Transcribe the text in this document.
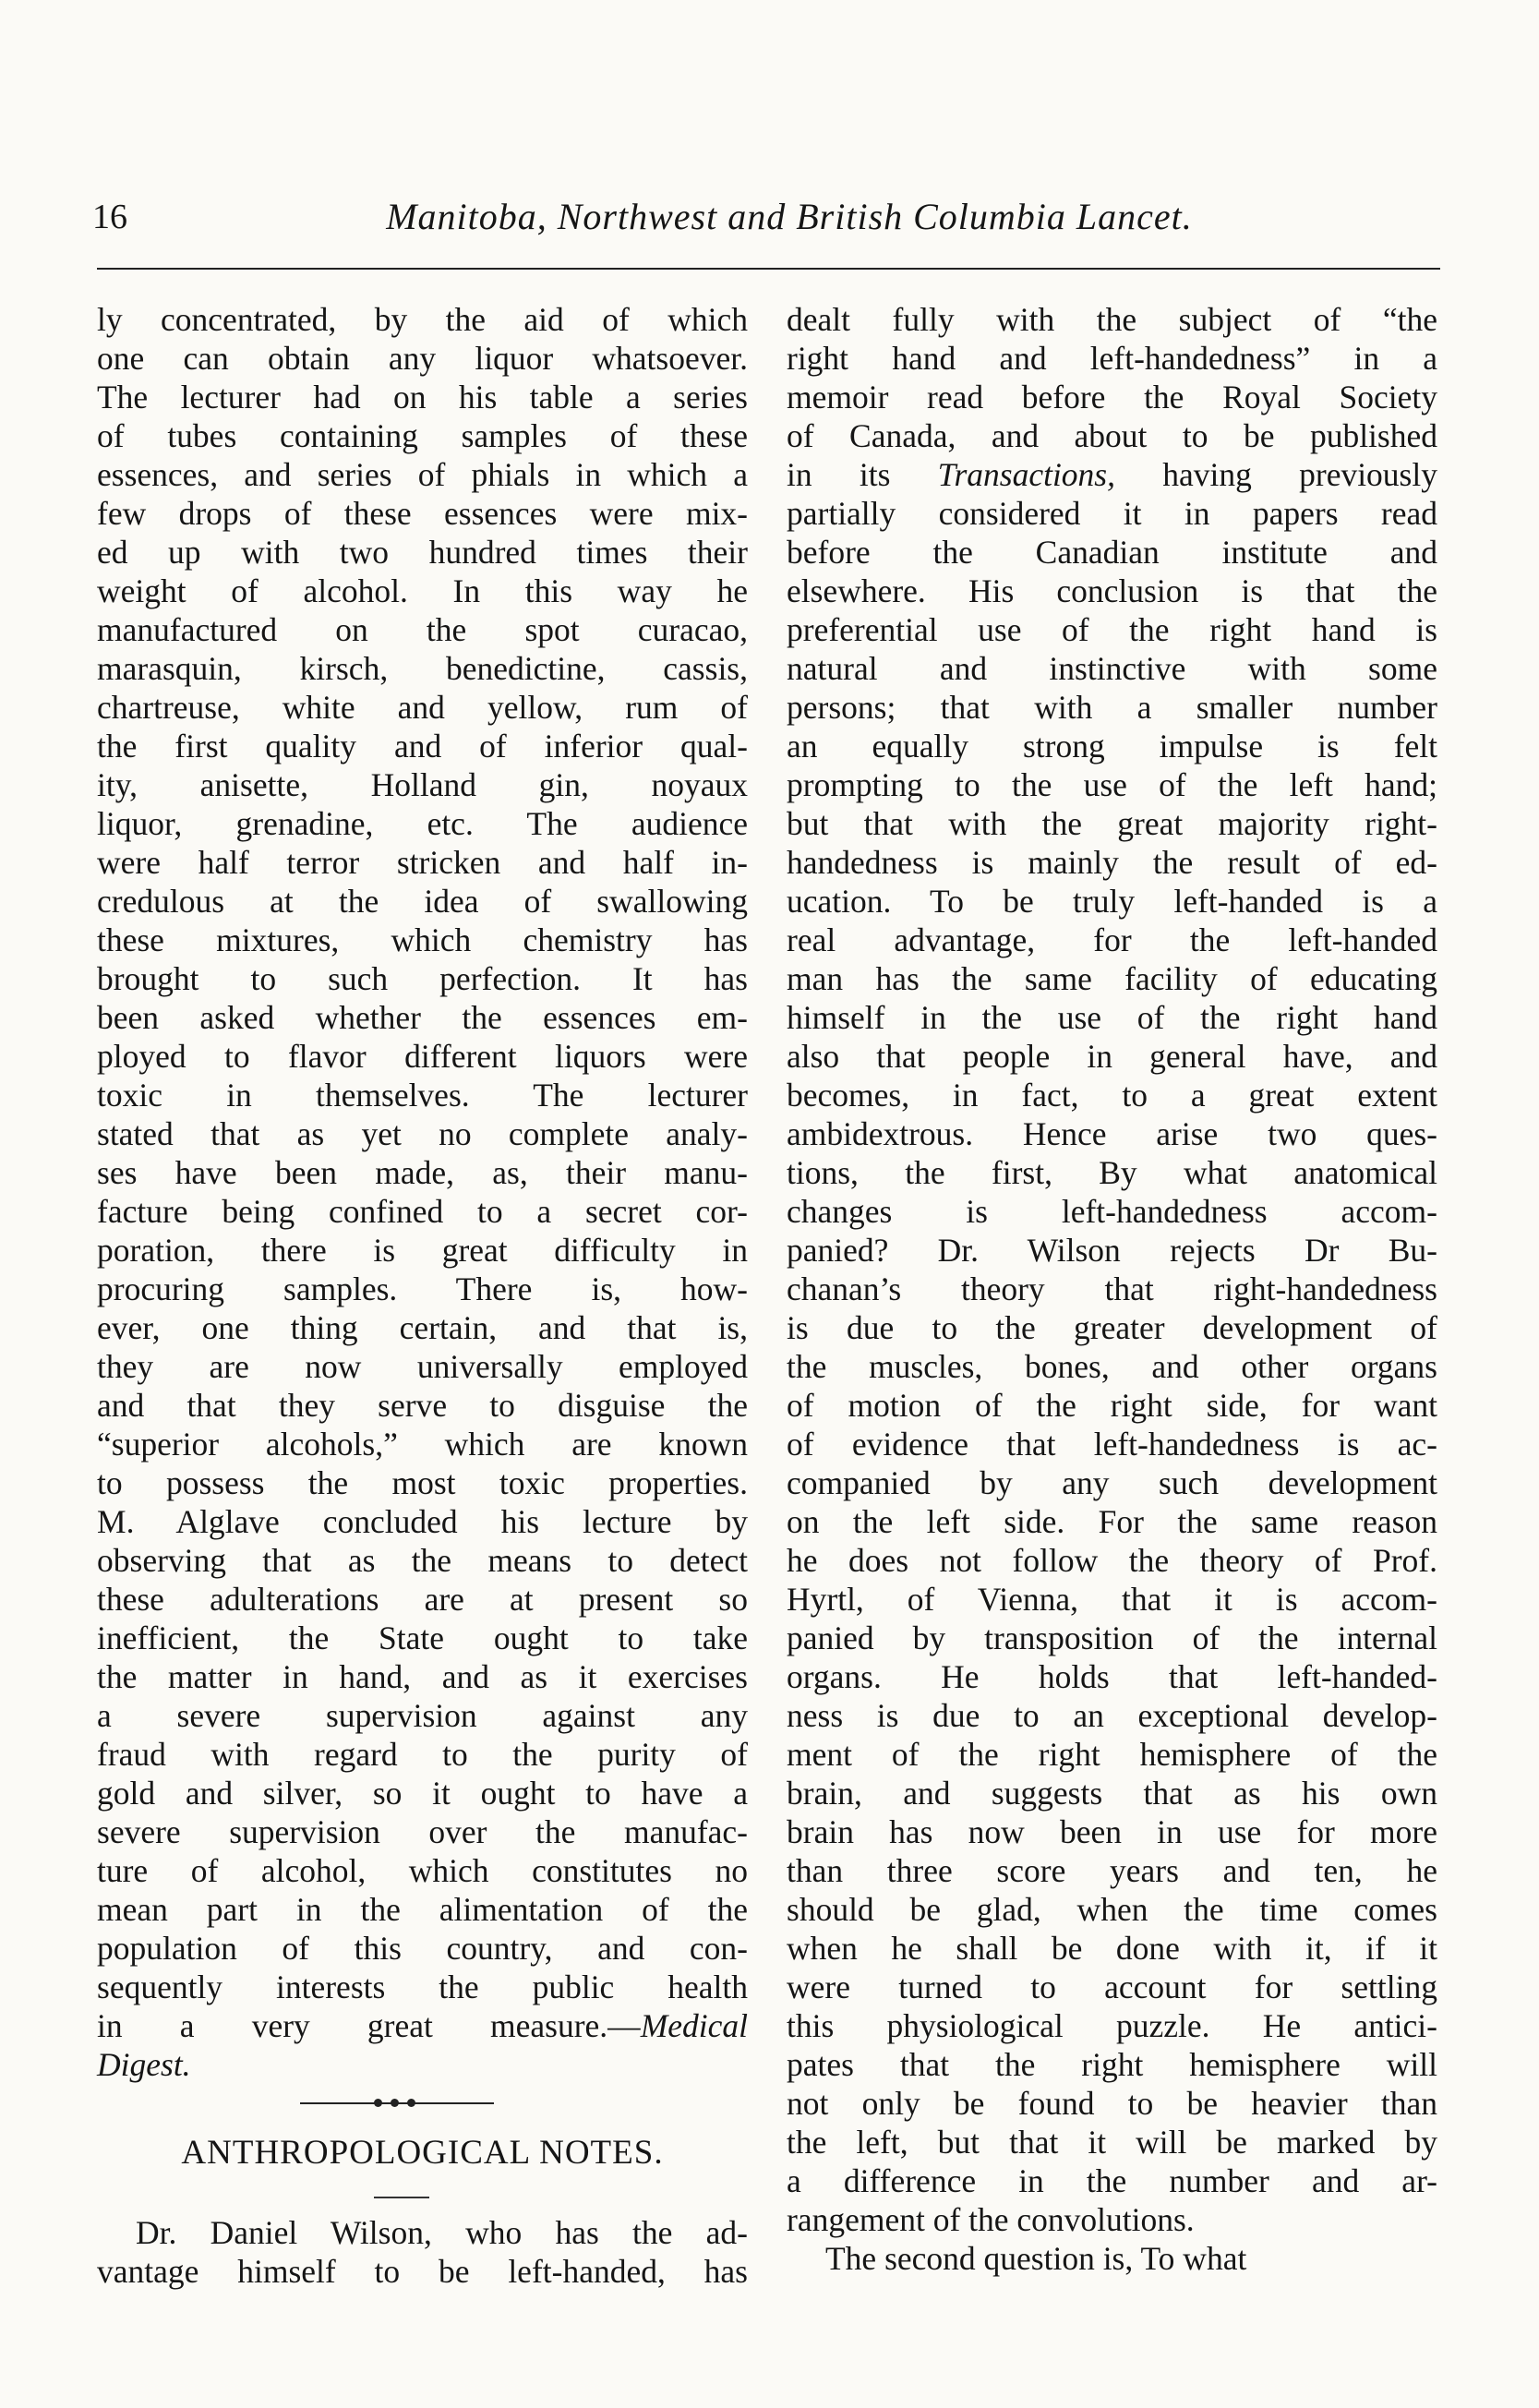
16	Manitoba, Northwest and British Columbia Lancet.
ly concentrated, by the aid of which
one can obtain any liquor whatsoever.
The lecturer had on his table a series
of tubes containing samples of these
essences, and series of phials in which a
few drops of these essences were mix-
ed up with two hundred times their
weight of alcohol. In this way he
manufactured on the spot curacao,
marasquin, kirsch, benedictine, cassis,
chartreuse, white and yellow, rum of
the first quality and of inferior qual-
ity, anisette, Holland gin, noyaux
liquor, grenadine, etc. The audience
were half terror stricken and half in-
credulous at the idea of swallowing
these mixtures, which chemistry has
brought to such perfection. It has
been asked whether the essences em-
ployed to flavor different liquors were
toxic in themselves. The lecturer
stated that as yet no complete analy-
ses have been made, as, their manu-
facture being confined to a secret cor-
poration, there is great difficulty in
procuring samples. There is, how-
ever, one thing certain, and that is,
they are now universally employed
and that they serve to disguise the
“superior alcohols,” which are known
to possess the most toxic properties.
M. Alglave concluded his lecture by
observing that as the means to detect
these adulterations are at present so
inefficient, the State ought to take
the matter in hand, and as it exercises
a severe supervision against any
fraud with regard to the purity of
gold and silver, so it ought to have a
severe supervision over the manufac-
ture of alcohol, which constitutes no
mean part in the alimentation of the
population of this country, and con-
sequently interests the public health
in a very great measure.—Medical
Digest.
ANTHROPOLOGICAL NOTES.
Dr. Daniel Wilson, who has the ad-
vantage himself to be left-handed, has
dealt fully with the subject of “the
right hand and left-handedness” in a
memoir read before the Royal Society
of Canada, and about to be published
in its Transactions, having previously
partially considered it in papers read
before the Canadian institute and
elsewhere. His conclusion is that the
preferential use of the right hand is
natural and instinctive with some
persons; that with a smaller number
an equally strong impulse is felt
prompting to the use of the left hand;
but that with the great majority right-
handedness is mainly the result of ed-
ucation. To be truly left-handed is a
real advantage, for the left-handed
man has the same facility of educating
himself in the use of the right hand
also that people in general have, and
becomes, in fact, to a great extent
ambidextrous. Hence arise two ques-
tions, the first, By what anatomical
changes is left-handedness accom-
panied? Dr. Wilson rejects Dr Bu-
chanan’s theory that right-handedness
is due to the greater development of
the muscles, bones, and other organs
of motion of the right side, for want
of evidence that left-handedness is ac-
companied by any such development
on the left side. For the same reason
he does not follow the theory of Prof.
Hyrtl, of Vienna, that it is accom-
panied by transposition of the internal
organs. He holds that left-handed-
ness is due to an exceptional develop-
ment of the right hemisphere of the
brain, and suggests that as his own
brain has now been in use for more
than three score years and ten, he
should be glad, when the time comes
when he shall be done with it, if it
were turned to account for settling
this physiological puzzle. He antici-
pates that the right hemisphere will
not only be found to be heavier than
the left, but that it will be marked by
a difference in the number and ar-
rangement of the convolutions.
The second question is, To what
